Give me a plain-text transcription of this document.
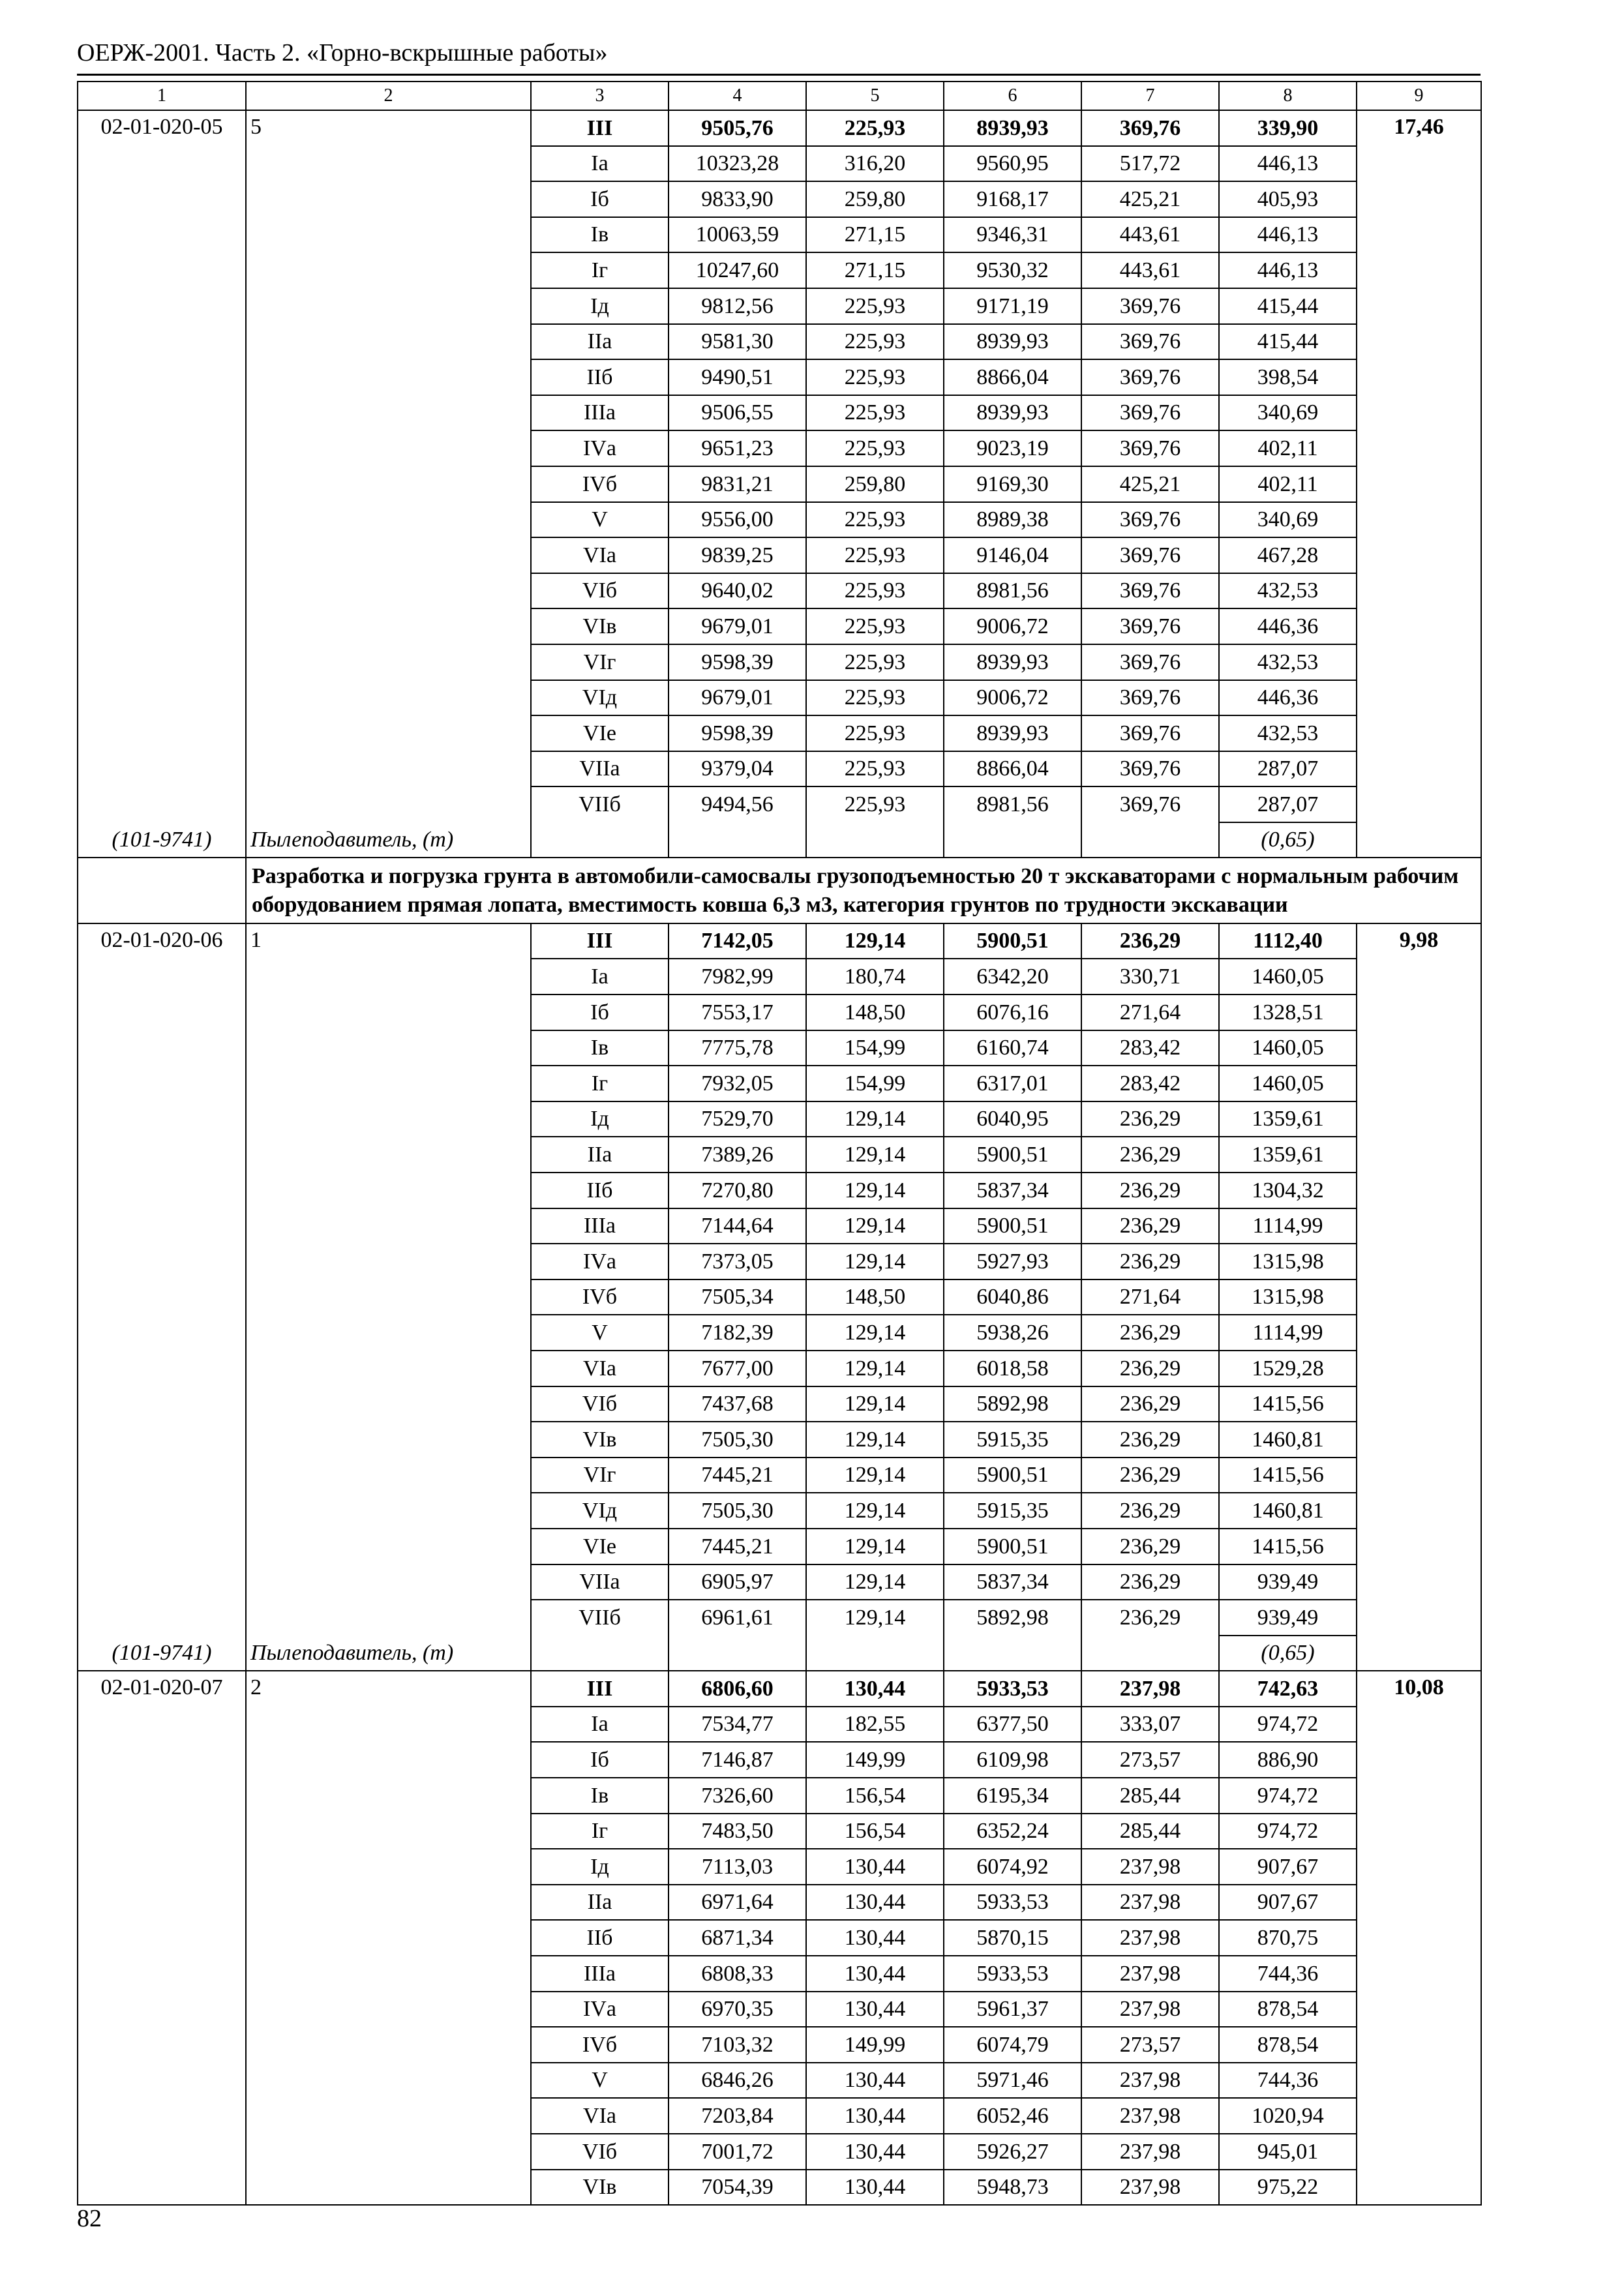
ОЕРЖ-2001. Часть 2. «Горно-вскрышные работы»
1	2	3	4	5	6	7	8	9
02-01-020-05	5	III	9505,76	225,93	8939,93	369,76	339,90	17,46
		Iа	10323,28	316,20	9560,95	517,72	446,13	
		Iб	9833,90	259,80	9168,17	425,21	405,93	
		Iв	10063,59	271,15	9346,31	443,61	446,13	
		Iг	10247,60	271,15	9530,32	443,61	446,13	
		Iд	9812,56	225,93	9171,19	369,76	415,44	
		IIа	9581,30	225,93	8939,93	369,76	415,44	
		IIб	9490,51	225,93	8866,04	369,76	398,54	
		IIIа	9506,55	225,93	8939,93	369,76	340,69	
		IVа	9651,23	225,93	9023,19	369,76	402,11	
		IVб	9831,21	259,80	9169,30	425,21	402,11	
		V	9556,00	225,93	8989,38	369,76	340,69	
		VIа	9839,25	225,93	9146,04	369,76	467,28	
		VIб	9640,02	225,93	8981,56	369,76	432,53	
		VIв	9679,01	225,93	9006,72	369,76	446,36	
		VIг	9598,39	225,93	8939,93	369,76	432,53	
		VIд	9679,01	225,93	9006,72	369,76	446,36	
		VIе	9598,39	225,93	8939,93	369,76	432,53	
		VIIа	9379,04	225,93	8866,04	369,76	287,07	
		VIIб	9494,56	225,93	8981,56	369,76	287,07	
(101-9741)	Пылеподавитель, (т)						(0,65)	
	Разработка и погрузка грунта в автомобили-самосвалы грузоподъемностью 20 т экскаваторами с нормальным рабочим оборудованием прямая лопата, вместимость ковша 6,3 м3, категория грунтов по трудности экскавации							
02-01-020-06	1	III	7142,05	129,14	5900,51	236,29	1112,40	9,98
		Iа	7982,99	180,74	6342,20	330,71	1460,05	
		Iб	7553,17	148,50	6076,16	271,64	1328,51	
		Iв	7775,78	154,99	6160,74	283,42	1460,05	
		Iг	7932,05	154,99	6317,01	283,42	1460,05	
		Iд	7529,70	129,14	6040,95	236,29	1359,61	
		IIа	7389,26	129,14	5900,51	236,29	1359,61	
		IIб	7270,80	129,14	5837,34	236,29	1304,32	
		IIIа	7144,64	129,14	5900,51	236,29	1114,99	
		IVа	7373,05	129,14	5927,93	236,29	1315,98	
		IVб	7505,34	148,50	6040,86	271,64	1315,98	
		V	7182,39	129,14	5938,26	236,29	1114,99	
		VIа	7677,00	129,14	6018,58	236,29	1529,28	
		VIб	7437,68	129,14	5892,98	236,29	1415,56	
		VIв	7505,30	129,14	5915,35	236,29	1460,81	
		VIг	7445,21	129,14	5900,51	236,29	1415,56	
		VIд	7505,30	129,14	5915,35	236,29	1460,81	
		VIе	7445,21	129,14	5900,51	236,29	1415,56	
		VIIа	6905,97	129,14	5837,34	236,29	939,49	
		VIIб	6961,61	129,14	5892,98	236,29	939,49	
(101-9741)	Пылеподавитель, (т)						(0,65)	
02-01-020-07	2	III	6806,60	130,44	5933,53	237,98	742,63	10,08
		Iа	7534,77	182,55	6377,50	333,07	974,72	
		Iб	7146,87	149,99	6109,98	273,57	886,90	
		Iв	7326,60	156,54	6195,34	285,44	974,72	
		Iг	7483,50	156,54	6352,24	285,44	974,72	
		Iд	7113,03	130,44	6074,92	237,98	907,67	
		IIа	6971,64	130,44	5933,53	237,98	907,67	
		IIб	6871,34	130,44	5870,15	237,98	870,75	
		IIIа	6808,33	130,44	5933,53	237,98	744,36	
		IVа	6970,35	130,44	5961,37	237,98	878,54	
		IVб	7103,32	149,99	6074,79	273,57	878,54	
		V	6846,26	130,44	5971,46	237,98	744,36	
		VIа	7203,84	130,44	6052,46	237,98	1020,94	
		VIб	7001,72	130,44	5926,27	237,98	945,01	
		VIв	7054,39	130,44	5948,73	237,98	975,22	
82
